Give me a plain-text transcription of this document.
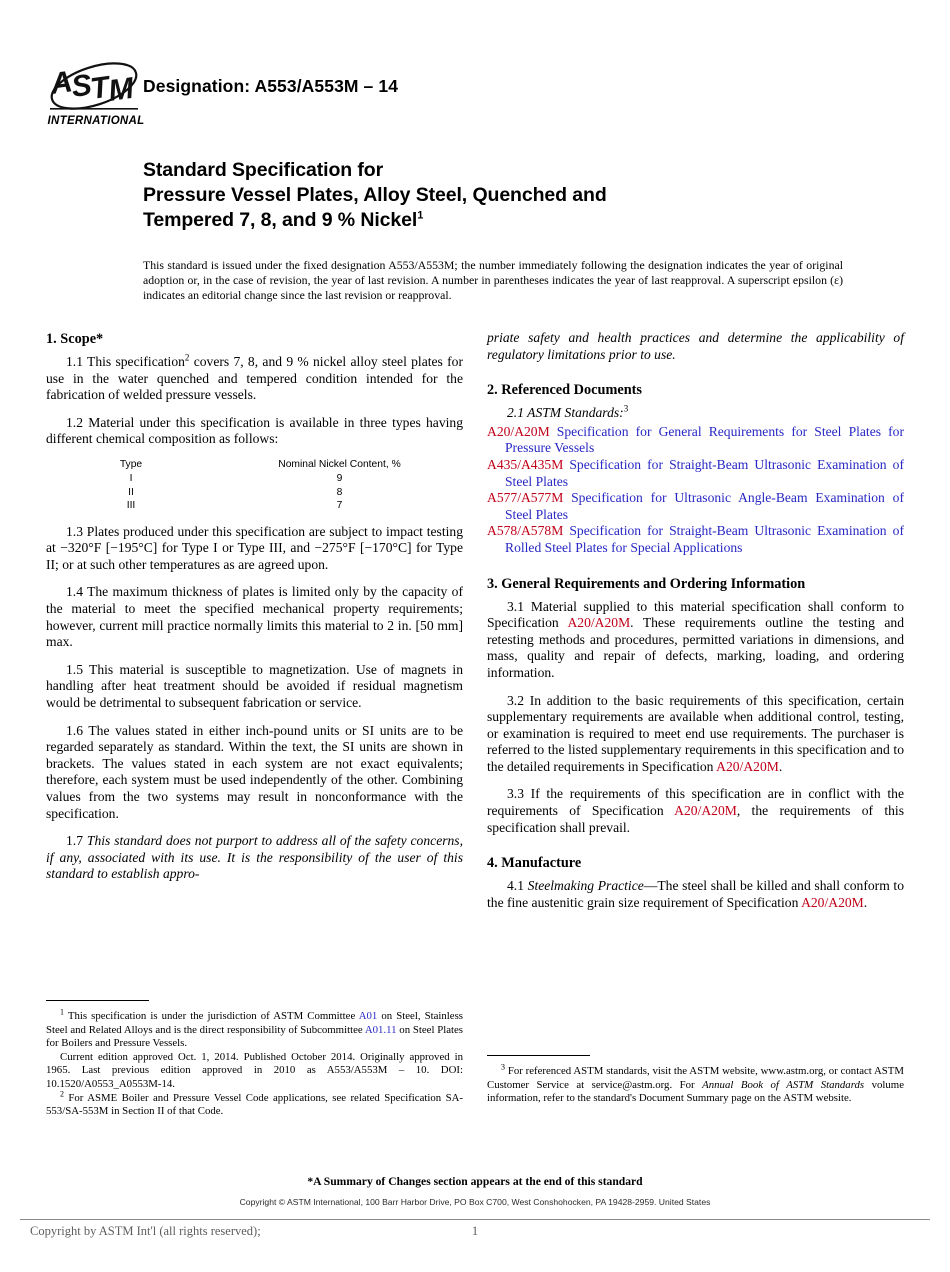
A
S
T
M
INTERNATIONAL
Designation: A553/A553M – 14
Standard Specification for
Pressure Vessel Plates, Alloy Steel, Quenched and
Tempered 7, 8, and 9 % Nickel$^1$
This standard is issued under the fixed designation A553/A553M; the number immediately following the designation indicates the year of original adoption or, in the case of revision, the year of last revision. A number in parentheses indicates the year of last reapproval. A superscript epsilon (ε) indicates an editorial change since the last revision or reapproval.
1. Scope*

1.1 This specification$^2$ covers 7, 8, and 9 % nickel alloy steel plates for use in the water quenched and tempered condition intended for the fabrication of welded pressure vessels.

1.2 Material under this specification is available in three types having different chemical composition as follows:

Type	Nominal Nickel Content, %
I	9
II	8
III	7

1.3 Plates produced under this specification are subject to impact testing at −320°F [−195°C] for Type I or Type III, and −275°F [−170°C] for Type II; or at such other temperatures as are agreed upon.

1.4 The maximum thickness of plates is limited only by the capacity of the material to meet the specified mechanical property requirements; however, current mill practice normally limits this material to 2 in. [50 mm] max.

1.5 This material is susceptible to magnetization. Use of magnets in handling after heat treatment should be avoided if residual magnetism would be detrimental to subsequent fabrication or service.

1.6 The values stated in either inch-pound units or SI units are to be regarded separately as standard. Within the text, the SI units are shown in brackets. The values stated in each system are not exact equivalents; therefore, each system must be used independently of the other. Combining values from the two systems may result in nonconformance with the specification.

1.7 This standard does not purport to address all of the safety concerns, if any, associated with its use. It is the responsibility of the user of this standard to establish appro-

priate safety and health practices and determine the applicability of regulatory limitations prior to use.

2. Referenced Documents

2.1 ASTM Standards:$^3$

A20/A20M Specification for General Requirements for Steel Plates for Pressure Vessels

A435/A435M Specification for Straight-Beam Ultrasonic Examination of Steel Plates

A577/A577M Specification for Ultrasonic Angle-Beam Examination of Steel Plates

A578/A578M Specification for Straight-Beam Ultrasonic Examination of Rolled Steel Plates for Special Applications

3. General Requirements and Ordering Information

3.1 Material supplied to this material specification shall conform to Specification A20/A20M. These requirements outline the testing and retesting methods and procedures, permitted variations in dimensions, and mass, quality and repair of defects, marking, loading, and ordering information.

3.2 In addition to the basic requirements of this specification, certain supplementary requirements are available when additional control, testing, or examination is required to meet end use requirements. The purchaser is referred to the listed supplementary requirements in this specification and to the detailed requirements in Specification A20/A20M.

3.3 If the requirements of this specification are in conflict with the requirements of Specification A20/A20M, the requirements of this specification shall prevail.

4. Manufacture

4.1 Steelmaking Practice—The steel shall be killed and shall conform to the fine austenitic grain size requirement of Specification A20/A20M.

$^1$ This specification is under the jurisdiction of ASTM Committee A01 on Steel, Stainless Steel and Related Alloys and is the direct responsibility of Subcommittee A01.11 on Steel Plates for Boilers and Pressure Vessels.

Current edition approved Oct. 1, 2014. Published October 2014. Originally approved in 1965. Last previous edition approved in 2010 as A553/A553M – 10. DOI: 10.1520/A0553_A0553M-14.

$^2$ For ASME Boiler and Pressure Vessel Code applications, see related Specification SA-553/SA-553M in Section II of that Code.

$^3$ For referenced ASTM standards, visit the ASTM website, www.astm.org, or contact ASTM Customer Service at service@astm.org. For Annual Book of ASTM Standards volume information, refer to the standard's Document Summary page on the ASTM website.

*A Summary of Changes section appears at the end of this standard
Copyright © ASTM International, 100 Barr Harbor Drive, PO Box C700, West Conshohocken, PA 19428-2959. United States
Copyright by ASTM Int'l (all rights reserved);	1
